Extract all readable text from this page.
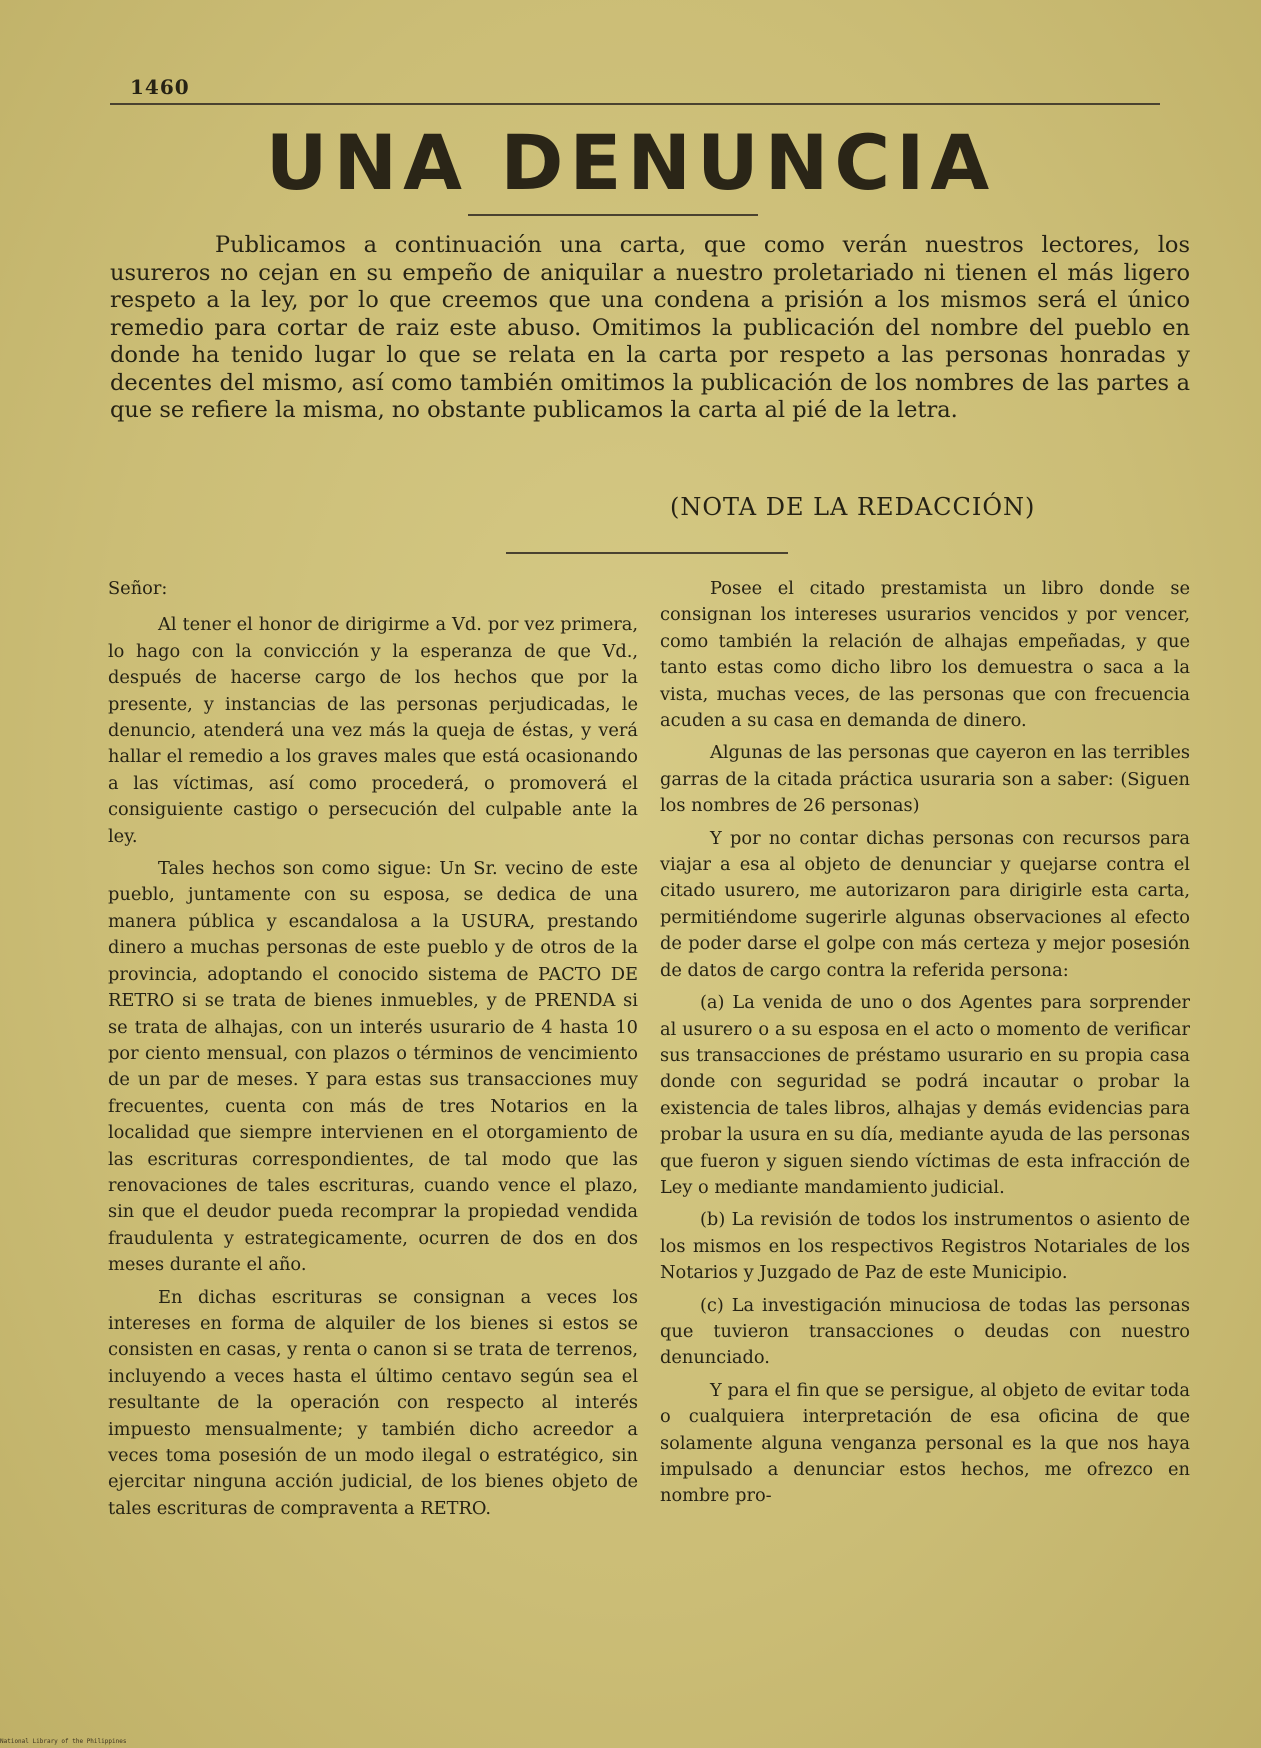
1460
UNA DENUNCIA
Publicamos a continuación una carta, que como verán nuestros lectores, los usureros no cejan en su empeño de aniquilar a nuestro proletariado ni tienen el más ligero respeto a la ley, por lo que creemos que una condena a prisión a los mismos será el único remedio para cortar de raiz este abuso. Omitimos la publicación del nombre del pueblo en donde ha tenido lugar lo que se relata en la carta por respeto a las personas honradas y decentes del mismo, así como también omitimos la publicación de los nombres de las partes a que se refiere la misma, no obstante publicamos la carta al pié de la letra.
(NOTA DE LA REDACCIÓN)

Señor:

Al tener el honor de dirigirme a Vd. por vez primera, lo hago con la convicción y la esperanza de que Vd., después de hacerse cargo de los hechos que por la presente, y instancias de las personas perjudicadas, le denuncio, atenderá una vez más la queja de éstas, y verá hallar el remedio a los graves males que está ocasionando a las víctimas, así como procederá, o promoverá el consiguiente castigo o persecución del culpable ante la ley.

Tales hechos son como sigue: Un Sr. vecino de este pueblo, juntamente con su esposa, se dedica de una manera pública y escandalosa a la USURA, prestando dinero a muchas personas de este pueblo y de otros de la provincia, adoptando el conocido sistema de PACTO DE RETRO si se trata de bienes inmuebles, y de PRENDA si se trata de alhajas, con un interés usurario de 4 hasta 10 por ciento mensual, con plazos o términos de vencimiento de un par de meses. Y para estas sus transacciones muy frecuentes, cuenta con más de tres Notarios en la localidad que siempre intervienen en el otorgamiento de las escrituras correspondientes, de tal modo que las renovaciones de tales escrituras, cuando vence el plazo, sin que el deudor pueda recomprar la propiedad vendida fraudulenta y estrategicamente, ocurren de dos en dos meses durante el año.

En dichas escrituras se consignan a veces los intereses en forma de alquiler de los bienes si estos se consisten en casas, y renta o canon si se trata de terrenos, incluyendo a veces hasta el último centavo según sea el resultante de la operación con respecto al interés impuesto mensualmente; y también dicho acreedor a veces toma posesión de un modo ilegal o estratégico, sin ejercitar ninguna acción judicial, de los bienes objeto de tales escrituras de compraventa a RETRO.

Posee el citado prestamista un libro donde se consignan los intereses usurarios vencidos y por vencer, como también la relación de alhajas empeñadas, y que tanto estas como dicho libro los demuestra o saca a la vista, muchas veces, de las personas que con frecuencia acuden a su casa en demanda de dinero.

Algunas de las personas que cayeron en las terribles garras de la citada práctica usuraria son a saber: (Siguen los nombres de 26 personas)

Y por no contar dichas personas con recursos para viajar a esa al objeto de denunciar y quejarse contra el citado usurero, me autorizaron para dirigirle esta carta, permitiéndome sugerirle algunas observaciones al efecto de poder darse el golpe con más certeza y mejor posesión de datos de cargo contra la referida persona:

(a) La venida de uno o dos Agentes para sorprender al usurero o a su esposa en el acto o momento de verificar sus transacciones de préstamo usurario en su propia casa donde con seguridad se podrá incautar o probar la existencia de tales libros, alhajas y demás evidencias para probar la usura en su día, mediante ayuda de las personas que fueron y siguen siendo víctimas de esta infracción de Ley o mediante mandamiento judicial.

(b) La revisión de todos los instrumentos o asiento de los mismos en los respectivos Registros Notariales de los Notarios y Juzgado de Paz de este Municipio.

(c) La investigación minuciosa de todas las personas que tuvieron transacciones o deudas con nuestro denunciado.

Y para el fin que se persigue, al objeto de evitar toda o cualquiera interpretación de esa oficina de que solamente alguna venganza personal es la que nos haya impulsado a denunciar estos hechos, me ofrezco en nombre pro-

National Library of the Philippines
